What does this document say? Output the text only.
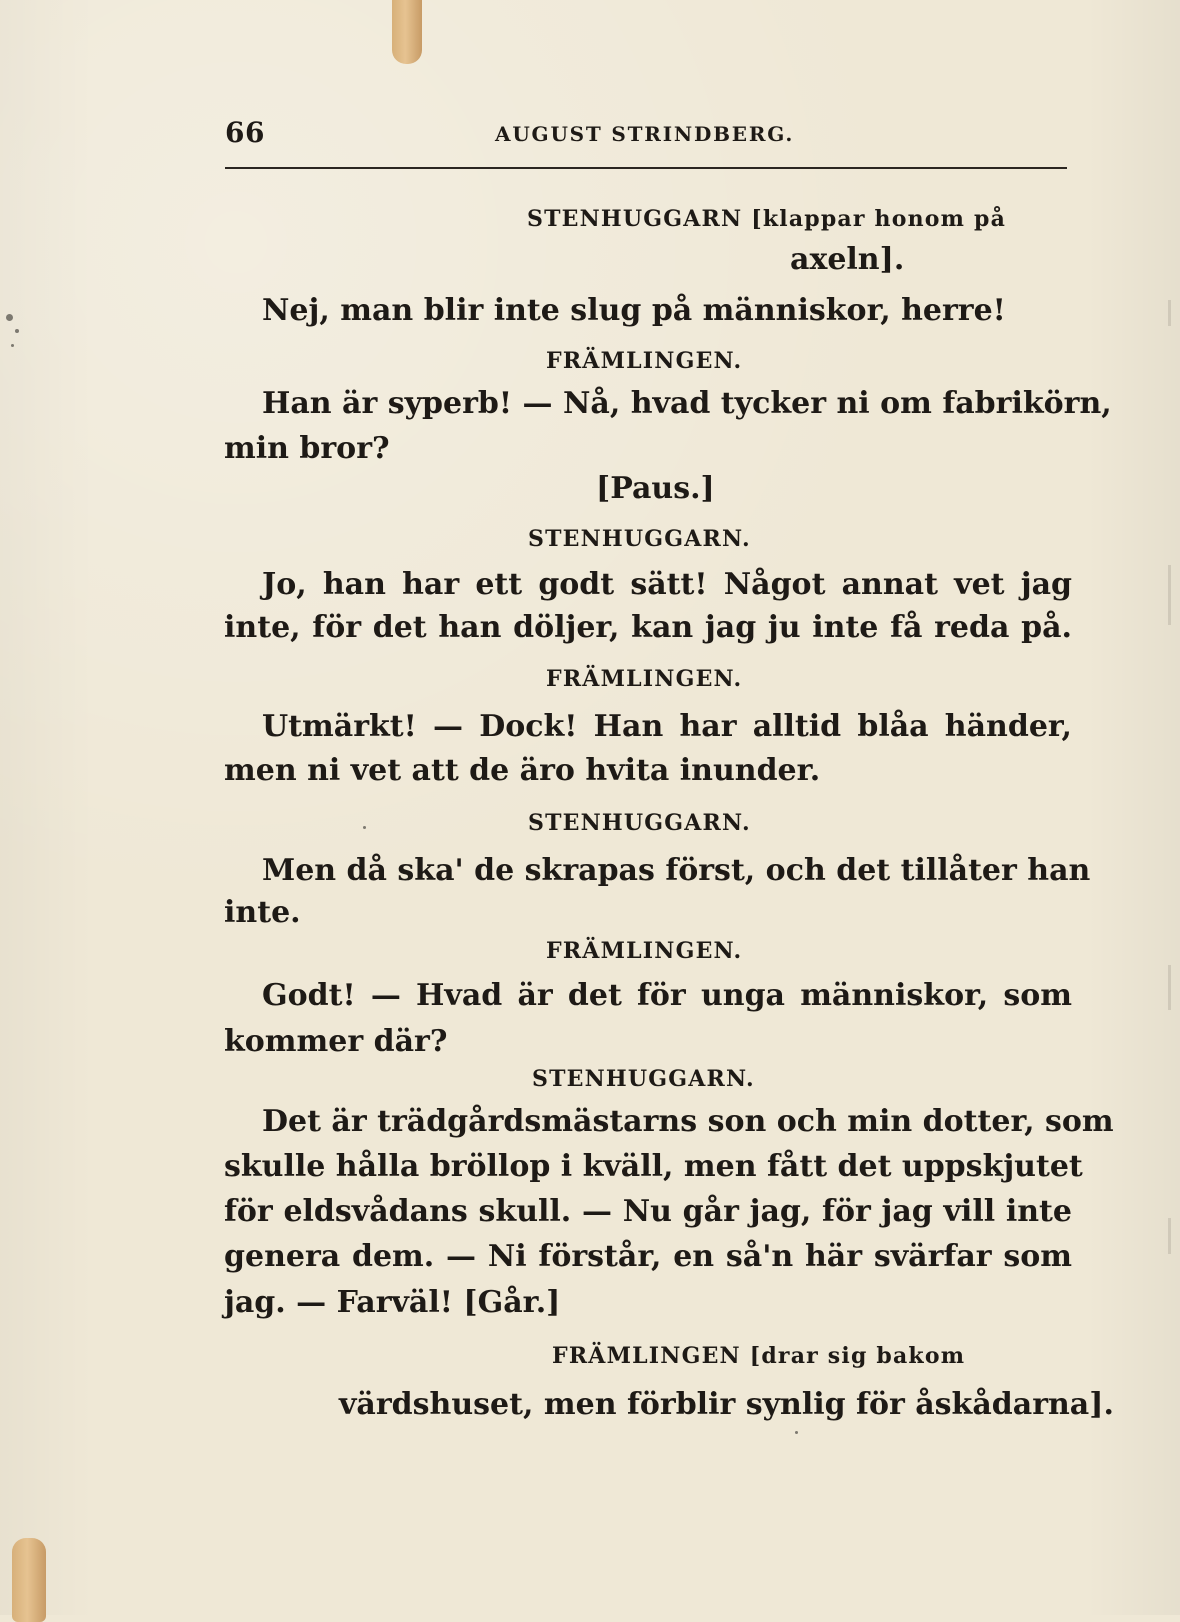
66	AUGUST STRINDBERG.
STENHUGGARN [klappar honom på
axeln].
Nej, man blir inte slug på människor, herre!
FRÄMLINGEN.
Han är syperb! — Nå, hvad tycker ni om fabrikörn,
min bror?
[Paus.]
STENHUGGARN.
Jo, han har ett godt sätt! Något annat vet jag
inte, för det han döljer, kan jag ju inte få reda på.
FRÄMLINGEN.
Utmärkt! — Dock! Han har alltid blåa händer,
men ni vet att de äro hvita inunder.
STENHUGGARN.
Men då ska' de skrapas först, och det tillåter han
inte.
FRÄMLINGEN.
Godt! — Hvad är det för unga människor, som
kommer där?
STENHUGGARN.
Det är trädgårdsmästarns son och min dotter, som
skulle hålla bröllop i kväll, men fått det uppskjutet
för eldsvådans skull. — Nu går jag, för jag vill inte
genera dem. — Ni förstår, en så'n här svärfar som
jag. — Farväl! [Går.]
FRÄMLINGEN [drar sig bakom
värdshuset, men förblir synlig för åskådarna].
